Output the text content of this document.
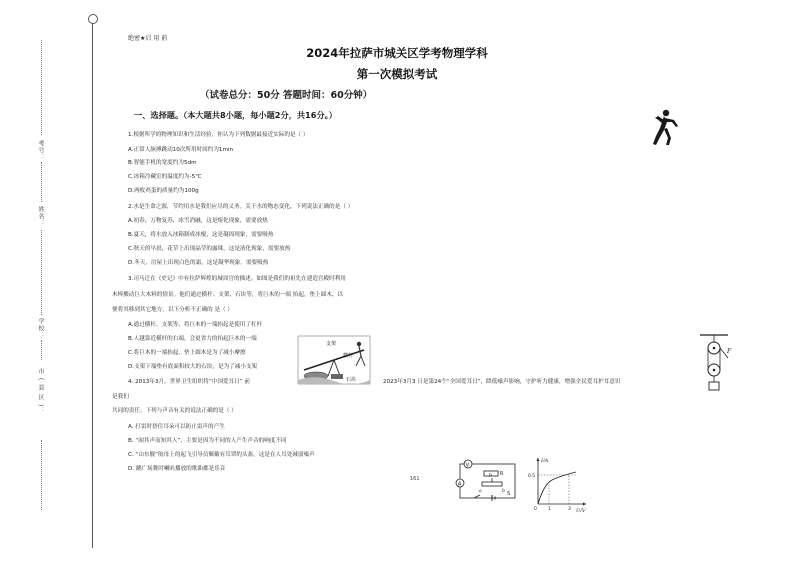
考号：
姓名：
学校：
市 ( 县 区 )：
绝密★启 用 前
2024年拉萨市城关区学考物理学科
第一次模拟考试
（试卷总分：50分 答题时间：60分钟）
一、选择题。（本大题共8小题，每小题2分，共16分。）
1.根据所学的物理知识和生活经验，你认为下列数据最接近实际的是（ ）
A.正常人脉搏跳动10次所用时间约为1min
B.智能手机的宽度约为5dm
C.冰箱冷藏室的温度约为-5℃
D.两枚鸡蛋的质量约为100g
2.水是生命之源，节约用水是我们应尽的义务。关于水的物态变化，下列说法正确的是（ ）
A.初春，万物复苏、冰雪消融，这是熔化现象，需要放热
B.夏天，将水放入冰箱制成冰棍，这是凝固现象，需要吸热
C.秋天的早晨，花草上出现晶莹的露珠，这是液化现象，需要放热
D.冬天，房屋上出现白色的霜，这是凝华现象，需要吸热
3.司马迁在《史记》中有拉萨辉煌的城周官的描述。如图是我们的祖先在建造宫殿时利用
木棒搬动巨大木料的情景。他们通过横杆、支架、石块等，将巨木的一端 抬起，垫上圆木，以
便将其移到其它地方。以下分析不正确的 是（ ）
A.通过横杆、支架等，将巨木的一端抬起是使用了杠杆
B.人越靠近横杆的右端，会更省力的抬起巨木的一端
C.将巨木的一端抬起，垫上圆木是为了减小摩擦
D.支架下端垫有底面积较大的石块，是为了减小支架
4. 2013年3月，世界卫生组织将“中国爱耳日” 前	2023年3月3 日是第24个“全国爱耳日”，降低噪声影响，守护听力健康，增强全民爱耳护耳意识
是我们
共同的责任。下列与声音有关的说法正确的是（ ）
A. 打雷时捂住耳朵可以防止雷声的产生
B. “闻其声而知其人”，主要是因为不同的人产生声音的响度不同
C. “山东舰”航母上的起飞引导员佩戴有耳罩的头盔，这是在人耳处减弱噪声
D. 跳广场舞时喇叭播放的歌曲都是乐音
161
支架
横杆
石块
F
V
A
R
P
a	b S
I/A
U/V
0
0.5
1	3
